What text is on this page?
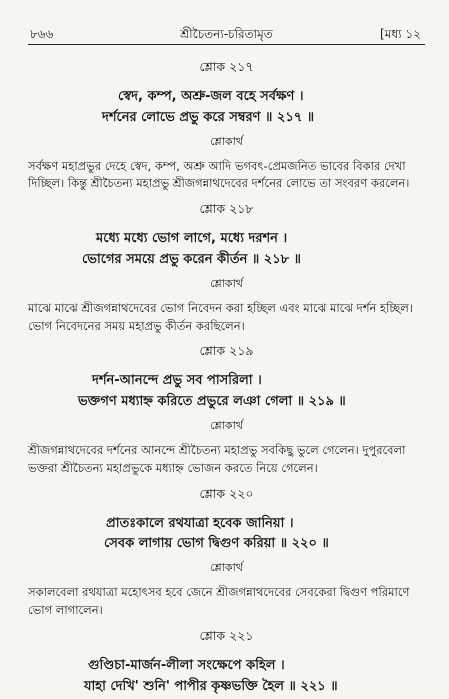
৮৬৬	শ্রীচৈতন্য-চরিতামৃত	[মধ্য ১২
শ্লোক ২১৭

স্বেদ, কম্প, অশ্রু-জল বহে সর্বক্ষণ ।

দর্শনের লোভে প্রভু করে সম্বরণ ॥ ২১৭ ॥

শ্লোকার্থ

সর্বক্ষণ মহাপ্রভুর দেহে স্বেদ, কম্প, অশ্রু আদি ভগবৎ-প্রেমজনিত ভাবের বিকার দেখা দিচ্ছিল। কিন্তু শ্রীচৈতন্য মহাপ্রভু শ্রীজগন্নাথদেবের দর্শনের লোভে তা সংবরণ করলেন।

শ্লোক ২১৮

মধ্যে মধ্যে ভোগ লাগে, মধ্যে দরশন ।

ভোগের সময়ে প্রভু করেন কীর্তন ॥ ২১৮ ॥

শ্লোকার্থ

মাঝে মাঝে শ্রীজগন্নাথদেবের ভোগ নিবেদন করা হচ্ছিল এবং মাঝে মাঝে দর্শন হচ্ছিল। ভোগ নিবেদনের সময় মহাপ্রভু কীর্তন করছিলেন।

শ্লোক ২১৯

দর্শন-আনন্দে প্রভু সব পাসরিলা ।

ভক্তগণ মধ্যাহ্ন করিতে প্রভুরে লঞা গেলা ॥ ২১৯ ॥

শ্লোকার্থ

শ্রীজগন্নাথদেবের দর্শনের আনন্দে শ্রীচৈতন্য মহাপ্রভু সবকিছু ভুলে গেলেন। দুপুরবেলা ভক্তরা শ্রীচৈতন্য মহাপ্রভুকে মধ্যাহ্ন ভোজন করতে নিয়ে গেলেন।

শ্লোক ২২০

প্রাতঃকালে রথযাত্রা হবেক জানিয়া ।

সেবক লাগায় ভোগ দ্বিগুণ করিয়া ॥ ২২০ ॥

শ্লোকার্থ

সকালবেলা রথযাত্রা মহোৎসব হবে জেনে শ্রীজগন্নাথদেবের সেবকেরা দ্বিগুণ পরিমাণে ভোগ লাগালেন।

শ্লোক ২২১

গুণ্ডিচা-মার্জন-লীলা সংক্ষেপে কহিল ।

যাহা দেখি' শুনি' পাপীর কৃষ্ণভক্তি হৈল ॥ ২২১ ॥
